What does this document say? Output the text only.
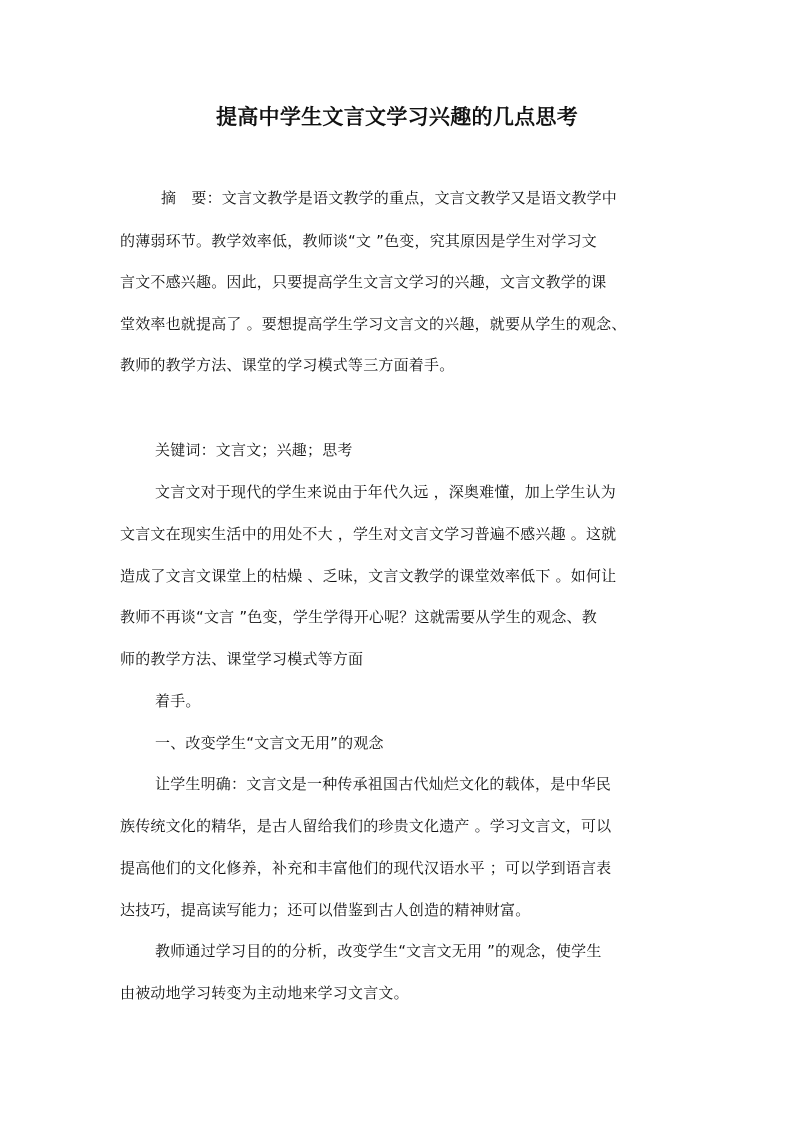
提高中学生文言文学习兴趣的几点思考
摘　要：文言文教学是语文教学的重点，文言文教学又是语文教学中
的薄弱环节。教学效率低，教师谈“文 ”色变，究其原因是学生对学习文
言文不感兴趣。因此，只要提高学生文言文学习的兴趣，文言文教学的课
堂效率也就提高了 。要想提高学生学习文言文的兴趣，就要从学生的观念、
教师的教学方法、课堂的学习模式等三方面着手。
关键词：文言文；兴趣；思考
文言文对于现代的学生来说由于年代久远 ，深奥难懂，加上学生认为
文言文在现实生活中的用处不大 ，学生对文言文学习普遍不感兴趣 。这就
造成了文言文课堂上的枯燥 、乏味，文言文教学的课堂效率低下 。如何让
教师不再谈“文言 ”色变，学生学得开心呢？这就需要从学生的观念、教
师的教学方法、课堂学习模式等方面
着手。
一、改变学生“文言文无用”的观念
让学生明确：文言文是一种传承祖国古代灿烂文化的载体，是中华民
族传统文化的精华，是古人留给我们的珍贵文化遗产 。学习文言文，可以
提高他们的文化修养，补充和丰富他们的现代汉语水平 ；可以学到语言表
达技巧，提高读写能力；还可以借鉴到古人创造的精神财富。
教师通过学习目的的分析，改变学生“文言文无用 ”的观念，使学生
由被动地学习转变为主动地来学习文言文。
